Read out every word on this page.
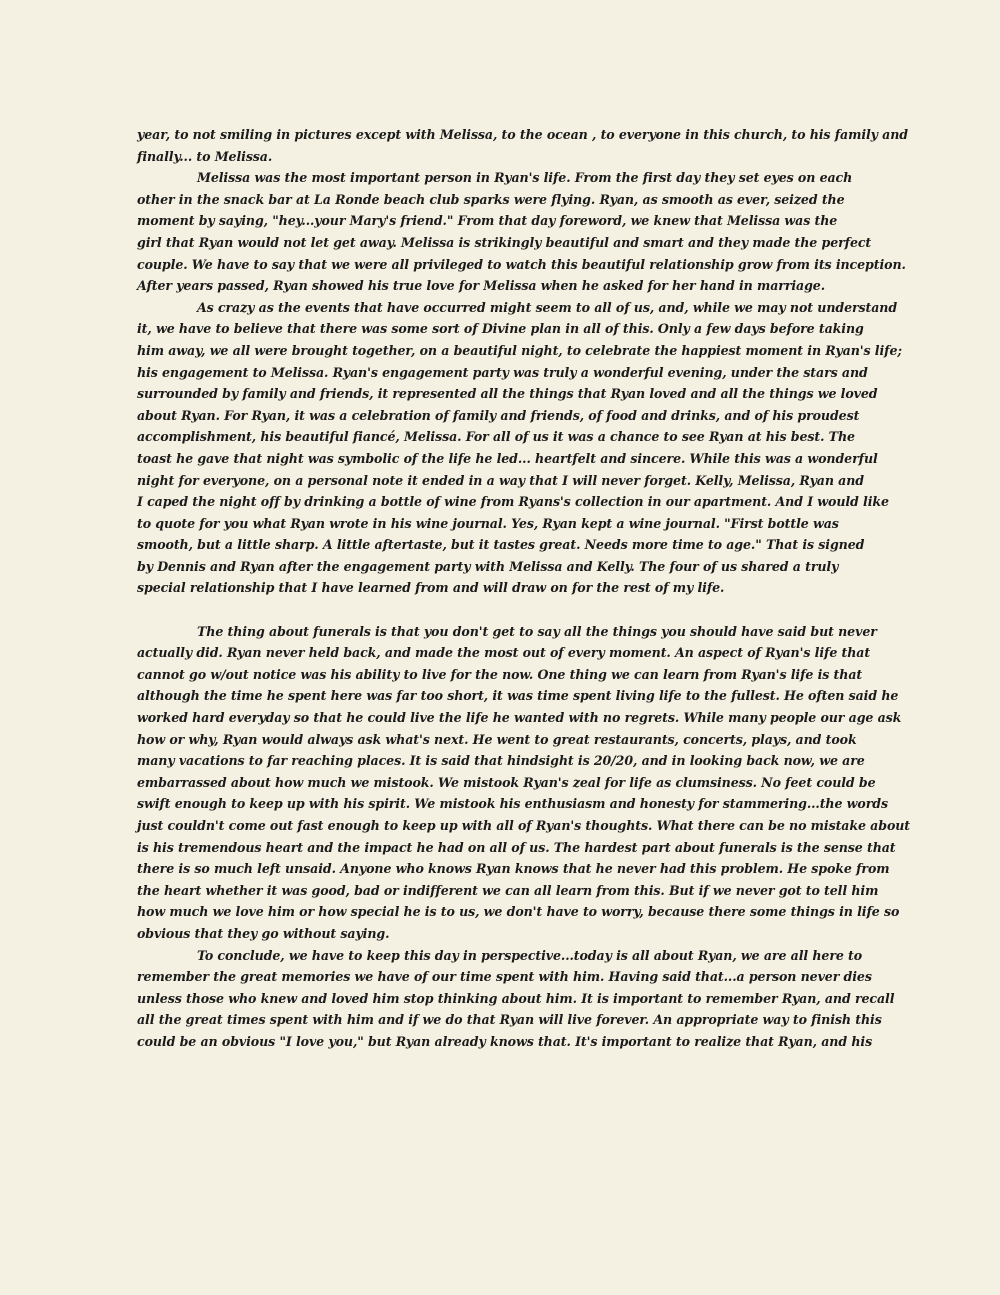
year, to not smiling in pictures except with Melissa, to the ocean , to everyone in this church, to his family and
finally... to Melissa.
Melissa was the most important person in Ryan's life. From the first day they set eyes on each
other in the snack bar at La Ronde beach club sparks were flying. Ryan, as smooth as ever, seized the
moment by saying, "hey...your Mary's friend." From that day foreword, we knew that Melissa was the
girl that Ryan would not let get away. Melissa is strikingly beautiful and smart and they made the perfect
couple. We have to say that we were all privileged to watch this beautiful relationship grow from its inception.
After years passed, Ryan showed his true love for Melissa when he asked for her hand in marriage.
As crazy as the events that have occurred might seem to all of us, and, while we may not understand
it, we have to believe that there was some sort of Divine plan in all of this. Only a few days before taking
him away, we all were brought together, on a beautiful night, to celebrate the happiest moment in Ryan's life;
his engagement to Melissa. Ryan's engagement party was truly a wonderful evening, under the stars and
surrounded by family and friends, it represented all the things that Ryan loved and all the things we loved
about Ryan. For Ryan, it was a celebration of family and friends, of food and drinks, and of his proudest
accomplishment, his beautiful fiancé, Melissa. For all of us it was a chance to see Ryan at his best. The
toast he gave that night was symbolic of the life he led... heartfelt and sincere. While this was a wonderful
night for everyone, on a personal note it ended in a way that I will never forget. Kelly, Melissa, Ryan and
I caped the night off by drinking a bottle of wine from Ryans's collection in our apartment. And I would like
to quote for you what Ryan wrote in his wine journal. Yes, Ryan kept a wine journal. "First bottle was
smooth, but a little sharp. A little aftertaste, but it tastes great. Needs more time to age." That is signed
by Dennis and Ryan after the engagement party with Melissa and Kelly. The four of us shared a truly
special relationship that I have learned from and will draw on for the rest of my life.
The thing about funerals is that you don't get to say all the things you should have said but never
actually did. Ryan never held back, and made the most out of every moment. An aspect of Ryan's life that
cannot go w/out notice was his ability to live for the now. One thing we can learn from Ryan's life is that
although the time he spent here was far too short, it was time spent living life to the fullest. He often said he
worked hard everyday so that he could live the life he wanted with no regrets. While many people our age ask
how or why, Ryan would always ask what's next. He went to great restaurants, concerts, plays, and took
many vacations to far reaching places. It is said that hindsight is 20/20, and in looking back now, we are
embarrassed about how much we mistook. We mistook Ryan's zeal for life as clumsiness. No feet could be
swift enough to keep up with his spirit. We mistook his enthusiasm and honesty for stammering...the words
just couldn't come out fast enough to keep up with all of Ryan's thoughts. What there can be no mistake about
is his tremendous heart and the impact he had on all of us. The hardest part about funerals is the sense that
there is so much left unsaid. Anyone who knows Ryan knows that he never had this problem. He spoke from
the heart whether it was good, bad or indifferent we can all learn from this. But if we never got to tell him
how much we love him or how special he is to us, we don't have to worry, because there some things in life so
obvious that they go without saying.
To conclude, we have to keep this day in perspective...today is all about Ryan, we are all here to
remember the great memories we have of our time spent with him. Having said that...a person never dies
unless those who knew and loved him stop thinking about him. It is important to remember Ryan, and recall
all the great times spent with him and if we do that Ryan will live forever. An appropriate way to finish this
could be an obvious "I love you," but Ryan already knows that. It's important to realize that Ryan, and his
